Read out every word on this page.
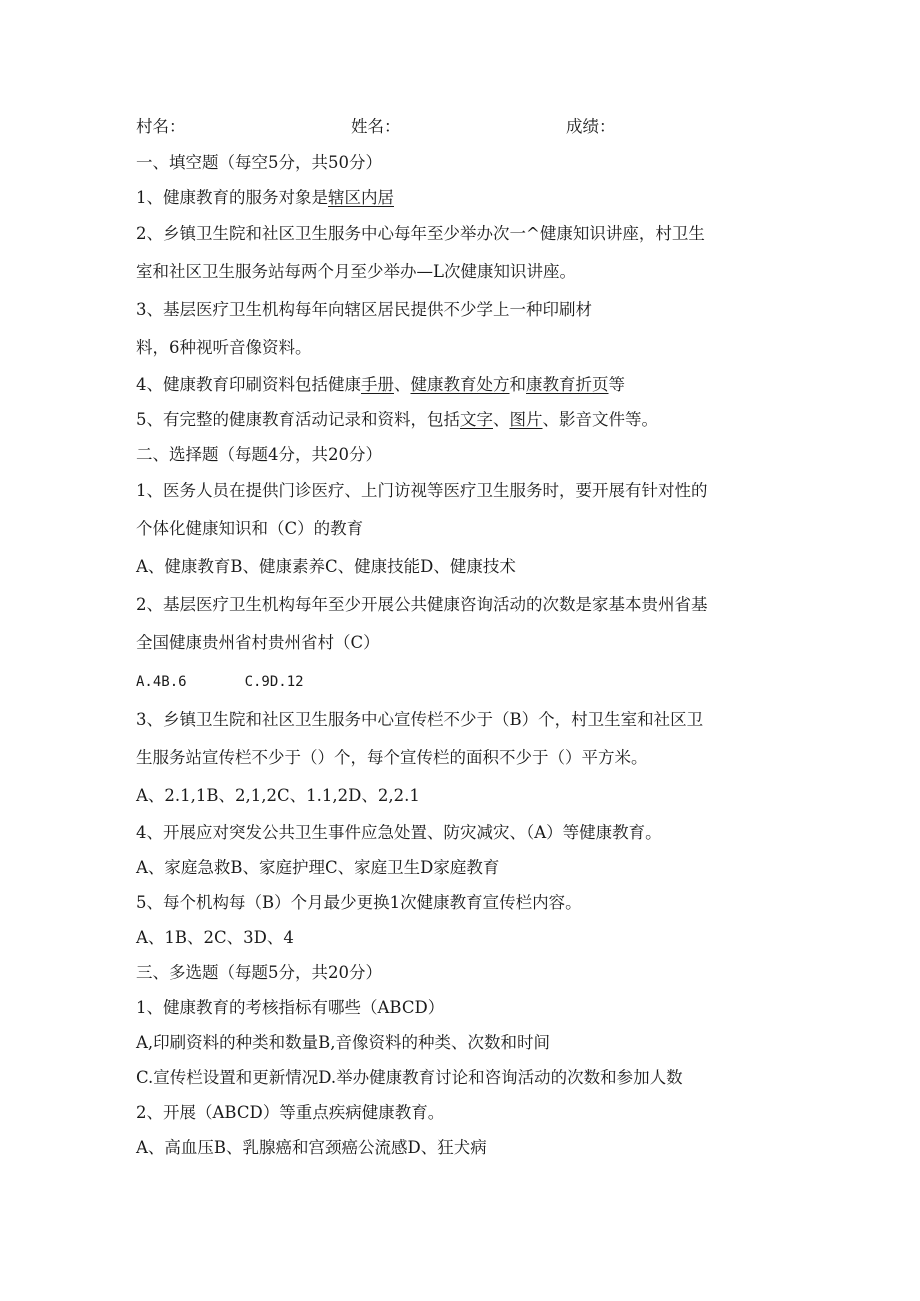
村名：	姓名：	成绩：
一、填空题（每空5分，共50分）
1、健康教育的服务对象是辖区内居
2、乡镇卫生院和社区卫生服务中心每年至少举办次一^健康知识讲座，村卫生
室和社区卫生服务站每两个月至少举办—L次健康知识讲座。
3、基层医疗卫生机构每年向辖区居民提供不少学上一种印刷材
料，6种视听音像资料。
4、健康教育印刷资料包括健康手册、健康教育处方和康教育折页等
5、有完整的健康教育活动记录和资料，包括文字、图片、影音文件等。
二、选择题（每题4分，共20分）
1、医务人员在提供门诊医疗、上门访视等医疗卫生服务时，要开展有针对性的
个体化健康知识和（C）的教育
A、健康教育B、健康素养C、健康技能D、健康技术
2、基层医疗卫生机构每年至少开展公共健康咨询活动的次数是家基本贵州省基
全国健康贵州省村贵州省村（C）
A.4B.6	C.9D.12
3、乡镇卫生院和社区卫生服务中心宣传栏不少于（B）个，村卫生室和社区卫
生服务站宣传栏不少于（）个，每个宣传栏的面积不少于（）平方米。
A、2.1,1B、2,1,2C、1.1,2D、2,2.1
4、开展应对突发公共卫生事件应急处置、防灾减灾、（A）等健康教育。
A、家庭急救B、家庭护理C、家庭卫生D家庭教育
5、每个机构每（B）个月最少更换1次健康教育宣传栏内容。
A、1B、2C、3D、4
三、多选题（每题5分，共20分）
1、健康教育的考核指标有哪些（ABCD）
A,印刷资料的种类和数量B,音像资料的种类、次数和时间
C.宣传栏设置和更新情况D.举办健康教育讨论和咨询活动的次数和参加人数
2、开展（ABCD）等重点疾病健康教育。
A、高血压B、乳腺癌和宫颈癌公流感D、狂犬病
